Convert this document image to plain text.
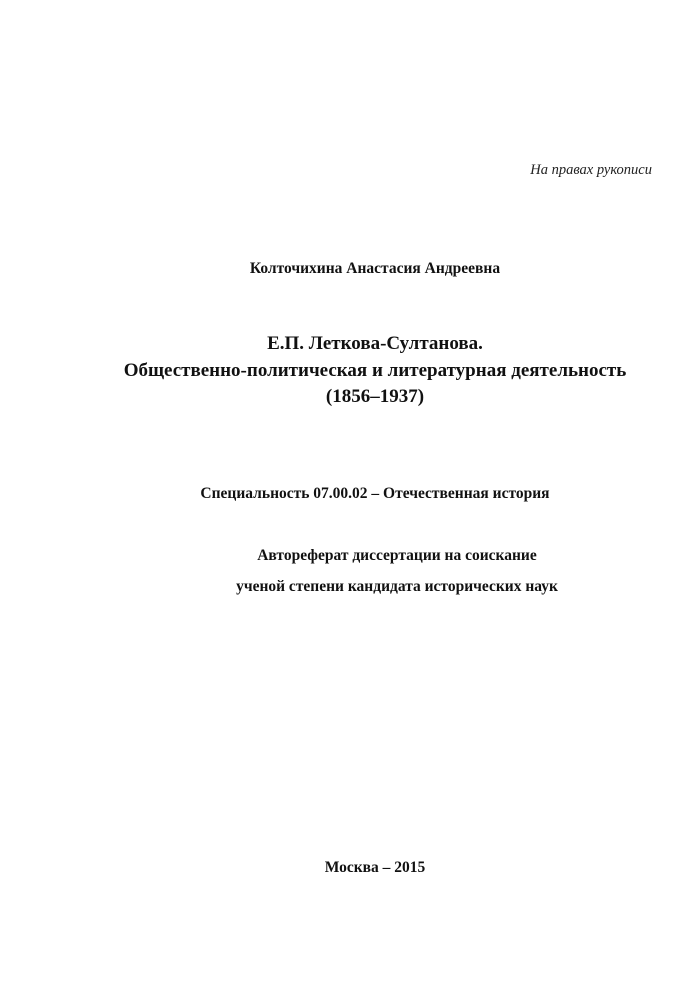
На правах рукописи
Колточихина Анастасия Андреевна
Е.П. Леткова-Султанова.
Общественно-политическая и литературная деятельность
(1856–1937)
Специальность 07.00.02 – Отечественная история
Автореферат диссертации на соискание
ученой степени кандидата исторических наук
Москва – 2015
